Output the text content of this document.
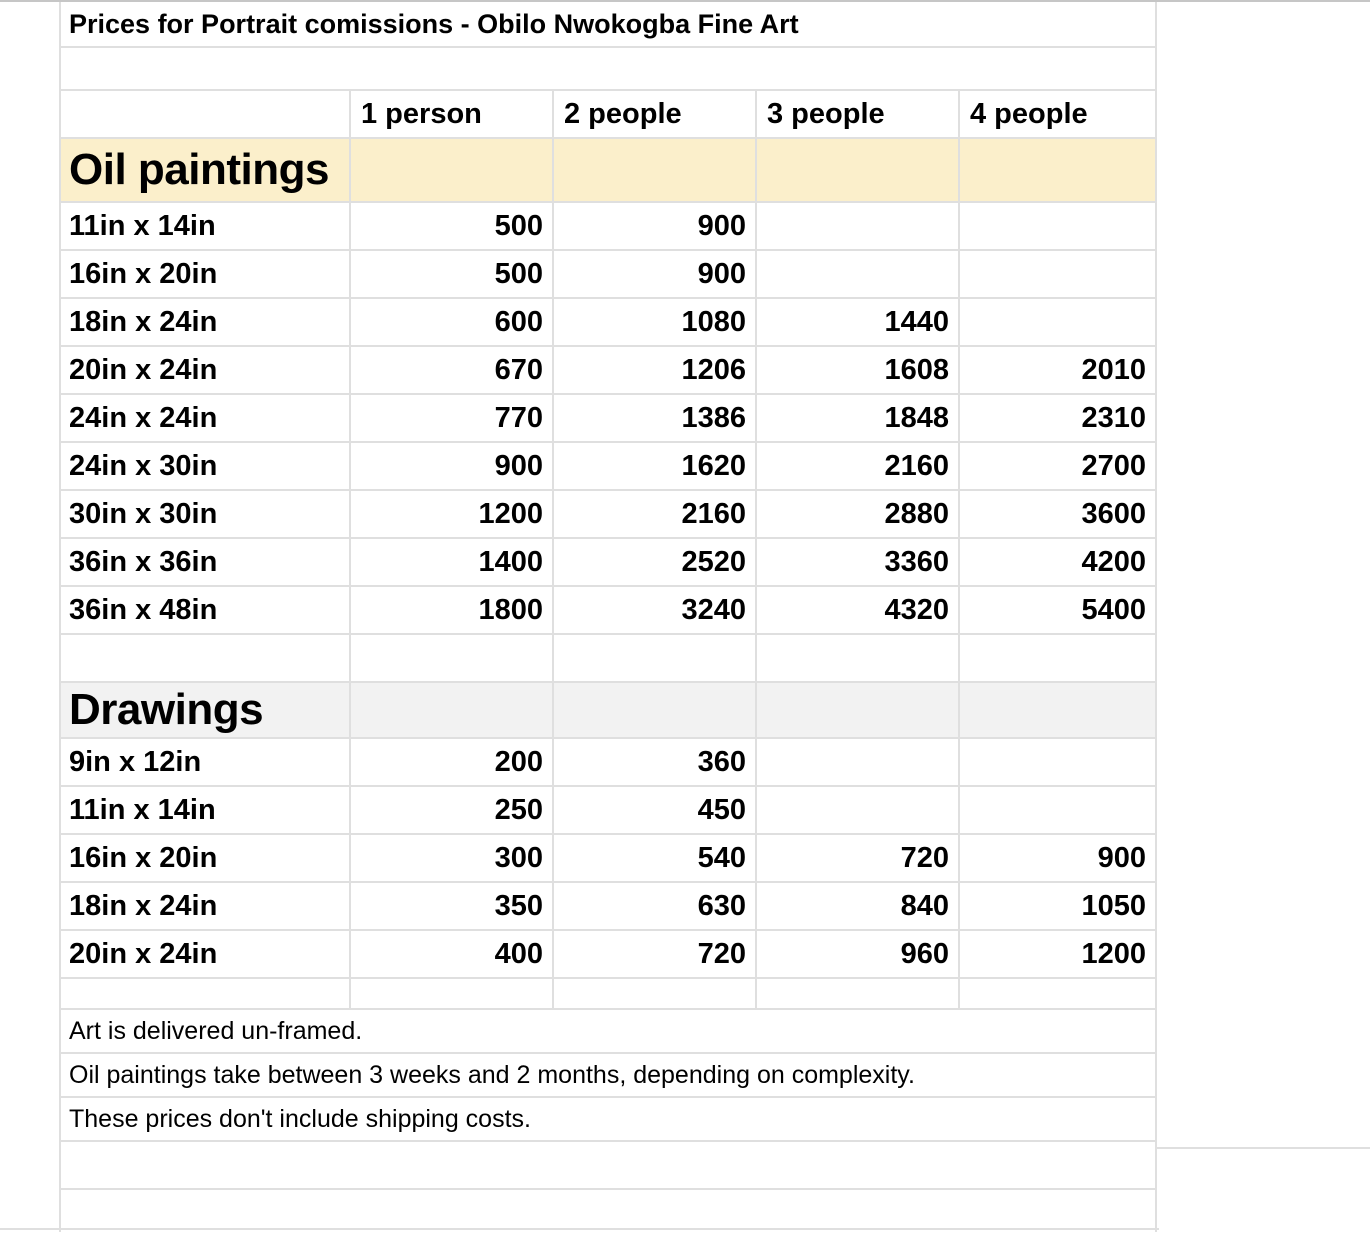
Prices for Portrait comissions - Obilo Nwokogba Fine Art
1 person	2 people	3 people	4 people
Oil paintings
11in x 14in	500	900
16in x 20in	500	900
18in x 24in	600	1080	1440
20in x 24in	670	1206	1608	2010
24in x 24in	770	1386	1848	2310
24in x 30in	900	1620	2160	2700
30in x 30in	1200	2160	2880	3600
36in x 36in	1400	2520	3360	4200
36in x 48in	1800	3240	4320	5400
Drawings
9in x 12in	200	360
11in x 14in	250	450
16in x 20in	300	540	720	900
18in x 24in	350	630	840	1050
20in x 24in	400	720	960	1200
Art is delivered un-framed.
Oil paintings take between 3 weeks and 2 months, depending on complexity.
These prices don't include shipping costs.
